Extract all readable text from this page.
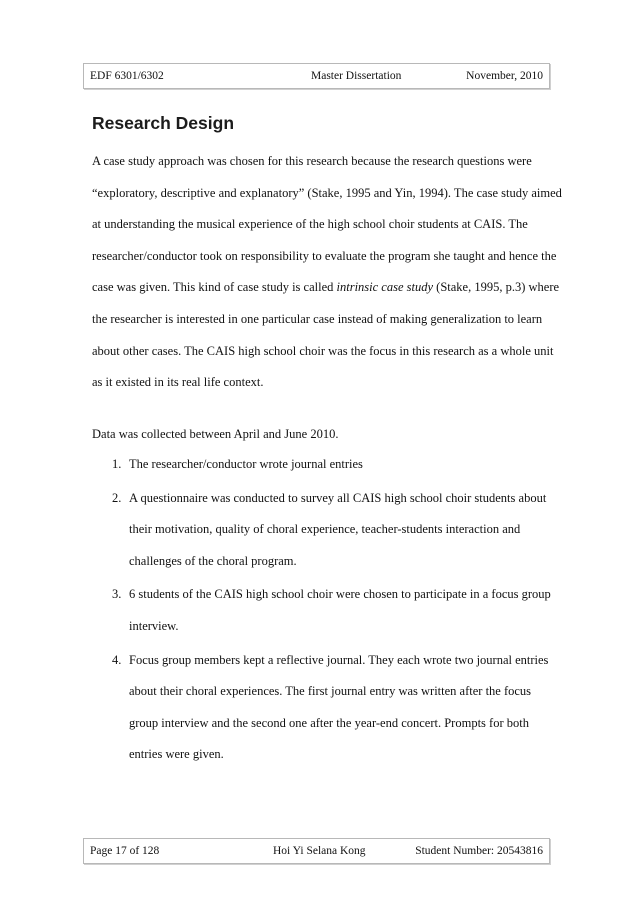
EDF 6301/6302	Master Dissertation	November, 2010
Research Design

A case study approach was chosen for this research because the research questions were “exploratory, descriptive and explanatory” (Stake, 1995 and Yin, 1994). The case study aimed at understanding the musical experience of the high school choir students at CAIS. The researcher/conductor took on responsibility to evaluate the program she taught and hence the case was given. This kind of case study is called intrinsic case study (Stake, 1995, p.3) where the researcher is interested in one particular case instead of making generalization to learn about other cases. The CAIS high school choir was the focus in this research as a whole unit as it existed in its real life context.

Data was collected between April and June 2010.

1. The researcher/conductor wrote journal entries
2. A questionnaire was conducted to survey all CAIS high school choir students about their motivation, quality of choral experience, teacher-students interaction and challenges of the choral program.
3. 6 students of the CAIS high school choir were chosen to participate in a focus group interview.
4. Focus group members kept a reflective journal. They each wrote two journal entries about their choral experiences. The first journal entry was written after the focus group interview and the second one after the year-end concert. Prompts for both entries were given.
Page 17 of 128	Hoi Yi Selana Kong	Student Number: 20543816
